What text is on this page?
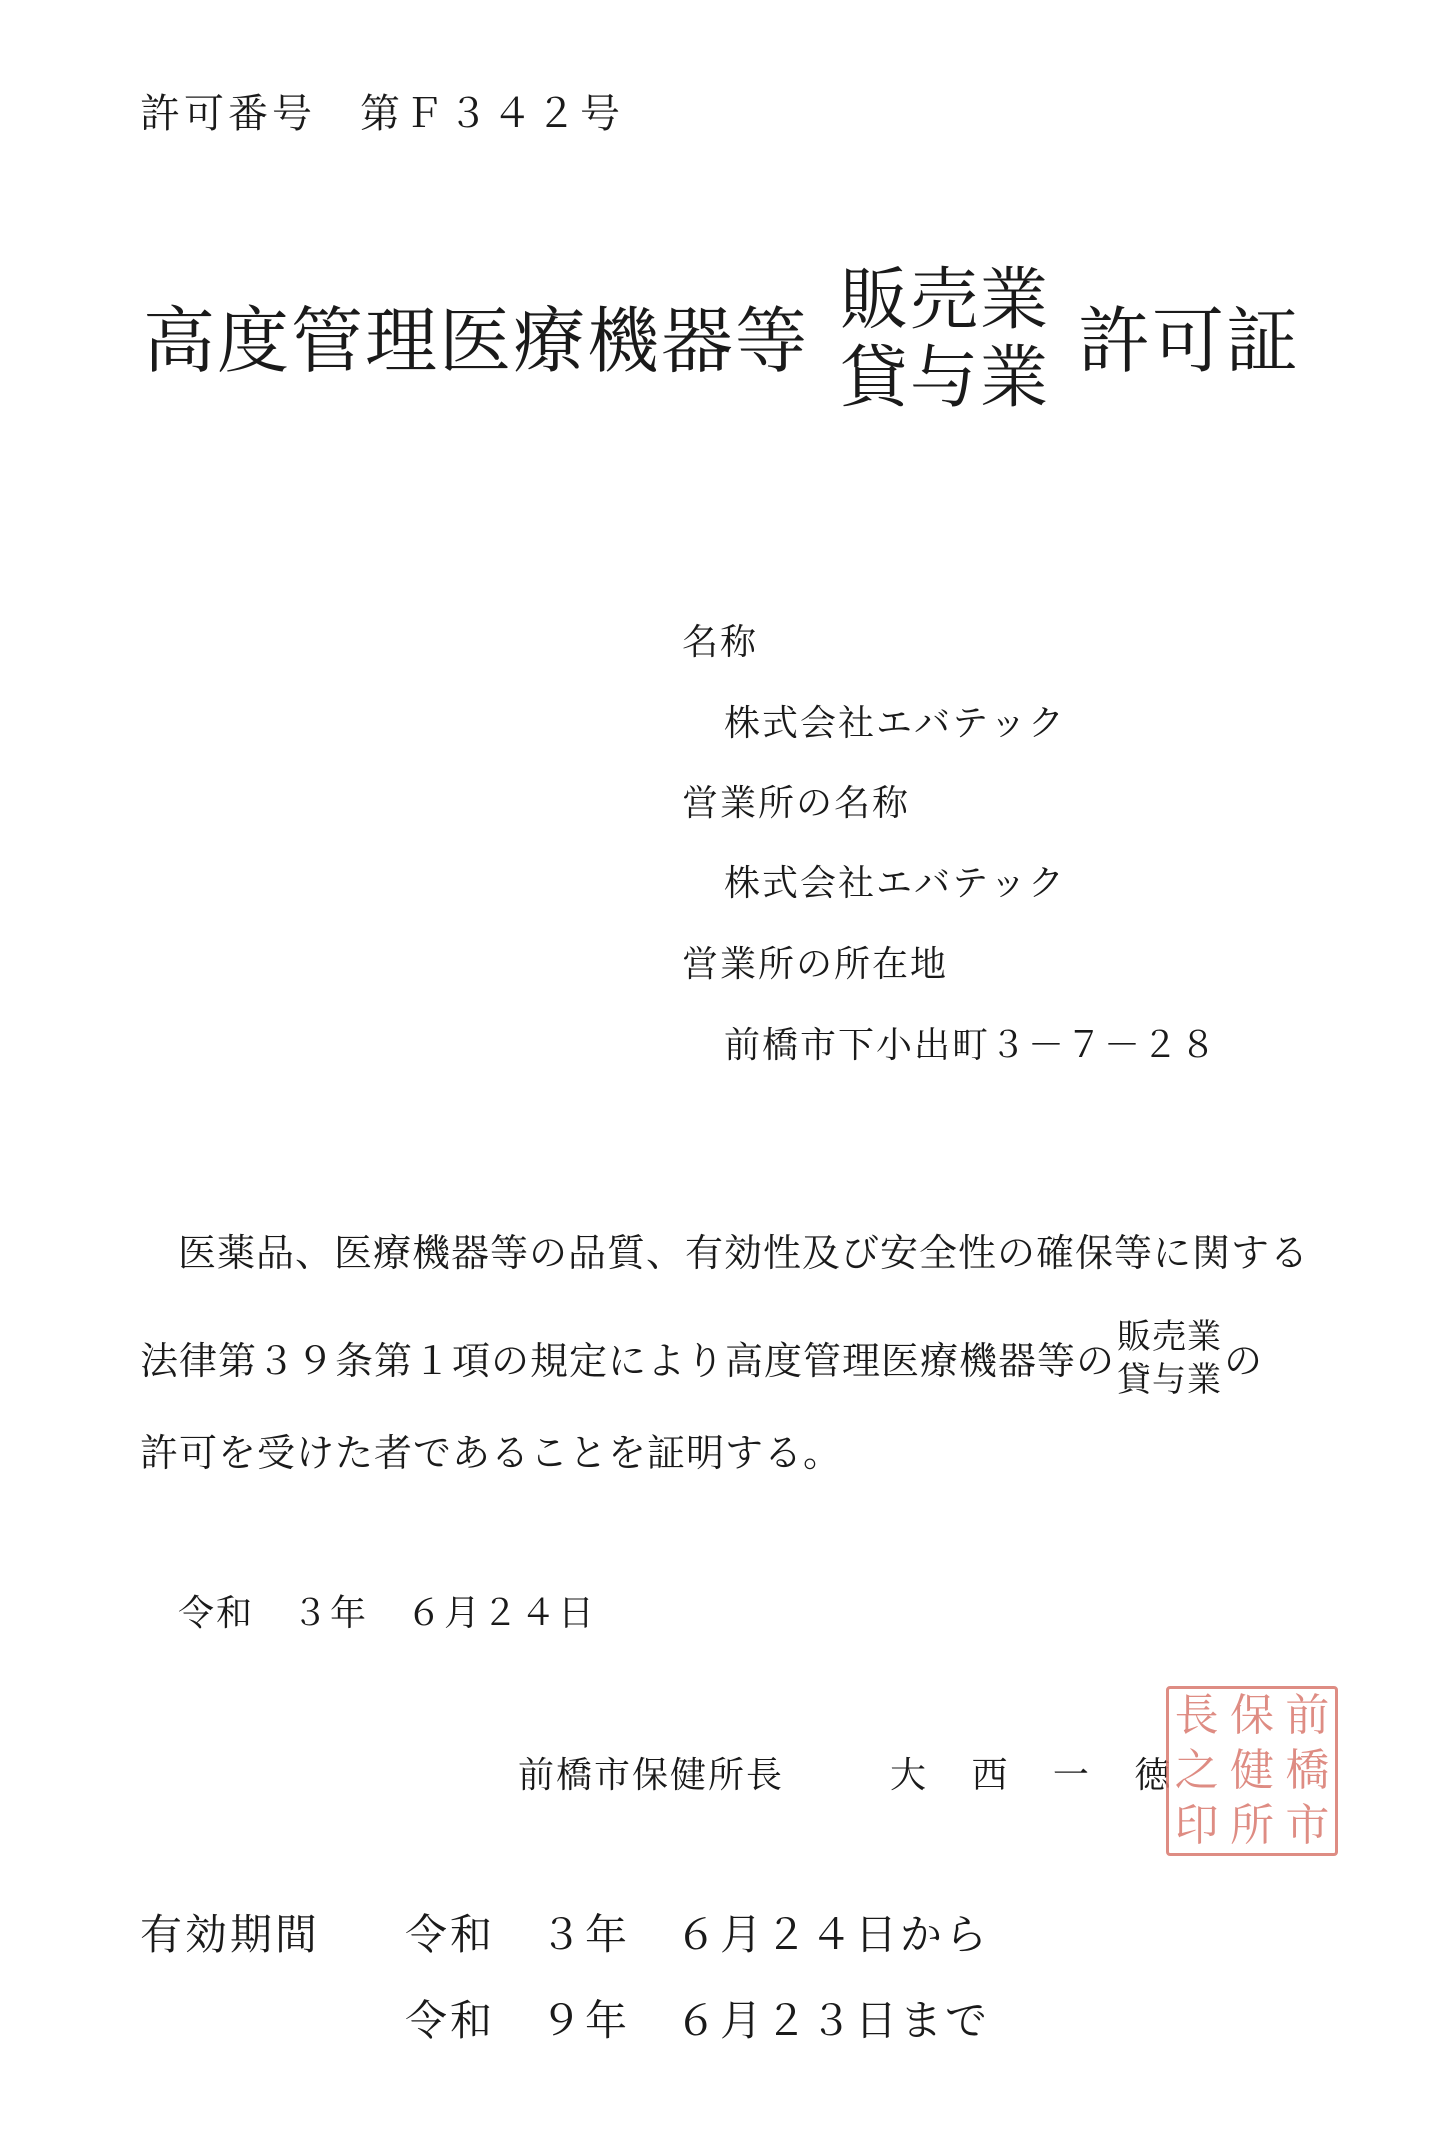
許可番号　第Ｆ３４２号
高度管理医療機器等 販売業
貸与業 許可証
名称
株式会社エバテック
営業所の名称
株式会社エバテック
営業所の所在地
前橋市下小出町３－７－２８
医薬品、医療機器等の品質、有効性及び安全性の確保等に関する
法律第３９条第１項の規定により高度管理医療機器等の
販売業
貸与業 の
許可を受けた者であることを証明する。
令和　３年　６月２４日
前橋市保健所長	大 西 一 徳
長 保 前
之 健 橋
印 所 市
有効期間 令和　３年　６月２４日から
令和　９年　６月２３日まで
